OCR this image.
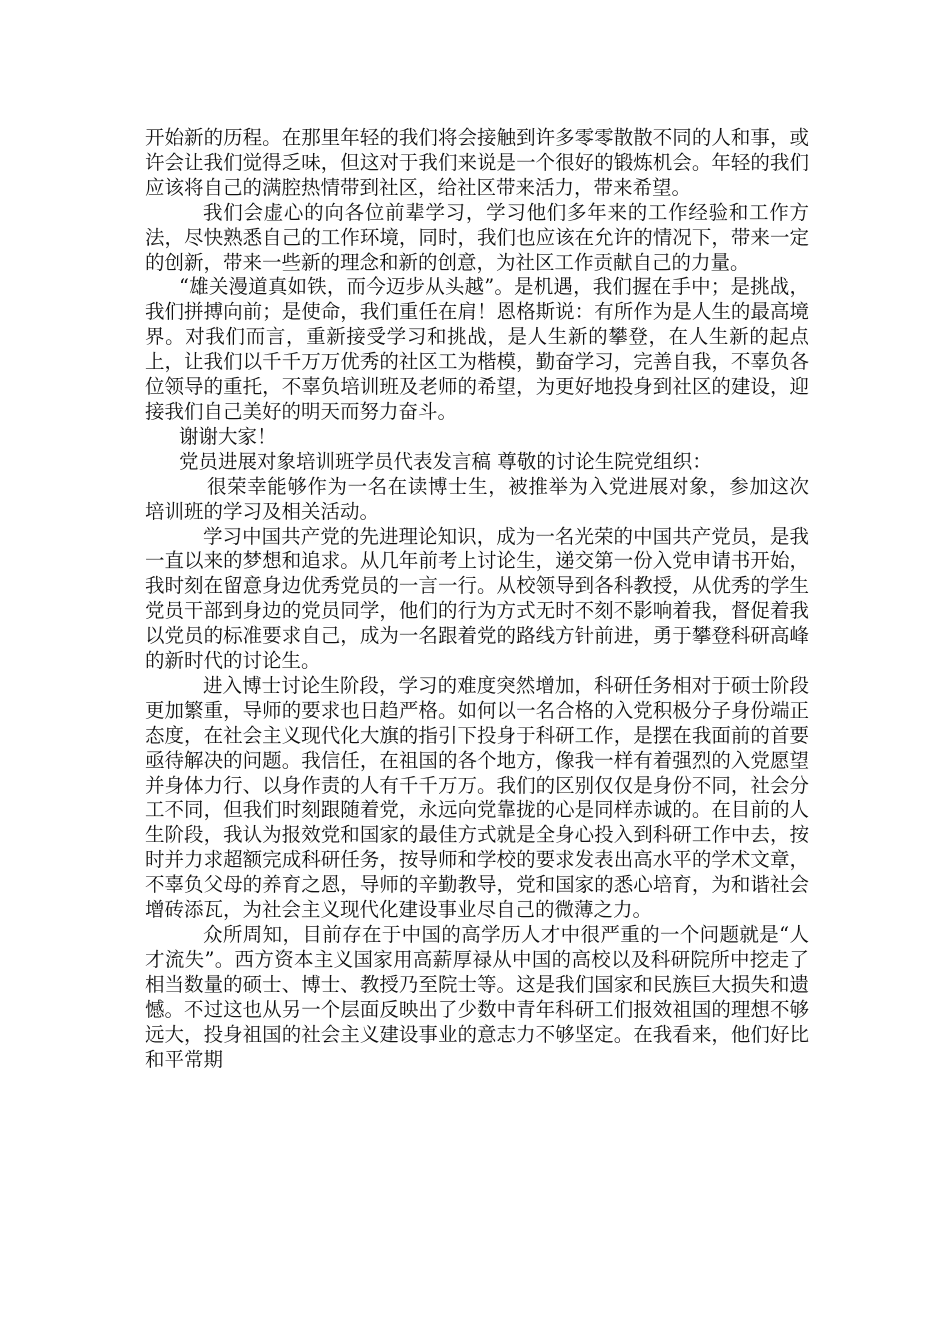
开始新的历程。在那里年轻的我们将会接触到许多零零散散不同的人和事，或许会让我们觉得乏味，但这对于我们来说是一个很好的锻炼机会。年轻的我们应该将自己的满腔热情带到社区，给社区带来活力，带来希望。

我们会虚心的向各位前辈学习，学习他们多年来的工作经验和工作方法，尽快熟悉自己的工作环境，同时，我们也应该在允许的情况下，带来一定的创新，带来一些新的理念和新的创意，为社区工作贡献自己的力量。

“雄关漫道真如铁，而今迈步从头越”。是机遇，我们握在手中；是挑战，我们拼搏向前；是使命，我们重任在肩！恩格斯说：有所作为是人生的最高境界。对我们而言，重新接受学习和挑战，是人生新的攀登，在人生新的起点上，让我们以千千万万优秀的社区工为楷模，勤奋学习，完善自我，不辜负各位领导的重托，不辜负培训班及老师的希望，为更好地投身到社区的建设，迎接我们自己美好的明天而努力奋斗。

谢谢大家！

党员进展对象培训班学员代表发言稿 尊敬的讨论生院党组织：

很荣幸能够作为一名在读博士生，被推举为入党进展对象，参加这次培训班的学习及相关活动。

学习中国共产党的先进理论知识，成为一名光荣的中国共产党员，是我一直以来的梦想和追求。从几年前考上讨论生，递交第一份入党申请书开始，我时刻在留意身边优秀党员的一言一行。从校领导到各科教授，从优秀的学生党员干部到身边的党员同学，他们的行为方式无时不刻不影响着我，督促着我以党员的标准要求自己，成为一名跟着党的路线方针前进，勇于攀登科研高峰的新时代的讨论生。

进入博士讨论生阶段，学习的难度突然增加，科研任务相对于硕士阶段更加繁重，导师的要求也日趋严格。如何以一名合格的入党积极分子身份端正态度，在社会主义现代化大旗的指引下投身于科研工作，是摆在我面前的首要亟待解决的问题。我信任，在祖国的各个地方，像我一样有着强烈的入党愿望并身体力行、以身作责的人有千千万万。我们的区别仅仅是身份不同，社会分工不同，但我们时刻跟随着党，永远向党靠拢的心是同样赤诚的。在目前的人生阶段，我认为报效党和国家的最佳方式就是全身心投入到科研工作中去，按时并力求超额完成科研任务，按导师和学校的要求发表出高水平的学术文章，不辜负父母的养育之恩，导师的辛勤教导，党和国家的悉心培育，为和谐社会增砖添瓦，为社会主义现代化建设事业尽自己的微薄之力。

众所周知，目前存在于中国的高学历人才中很严重的一个问题就是“人才流失”。西方资本主义国家用高薪厚禄从中国的高校以及科研院所中挖走了相当数量的硕士、博士、教授乃至院士等。这是我们国家和民族巨大损失和遗憾。不过这也从另一个层面反映出了少数中青年科研工们报效祖国的理想不够远大，投身祖国的社会主义建设事业的意志力不够坚定。在我看来，他们好比和平常期
